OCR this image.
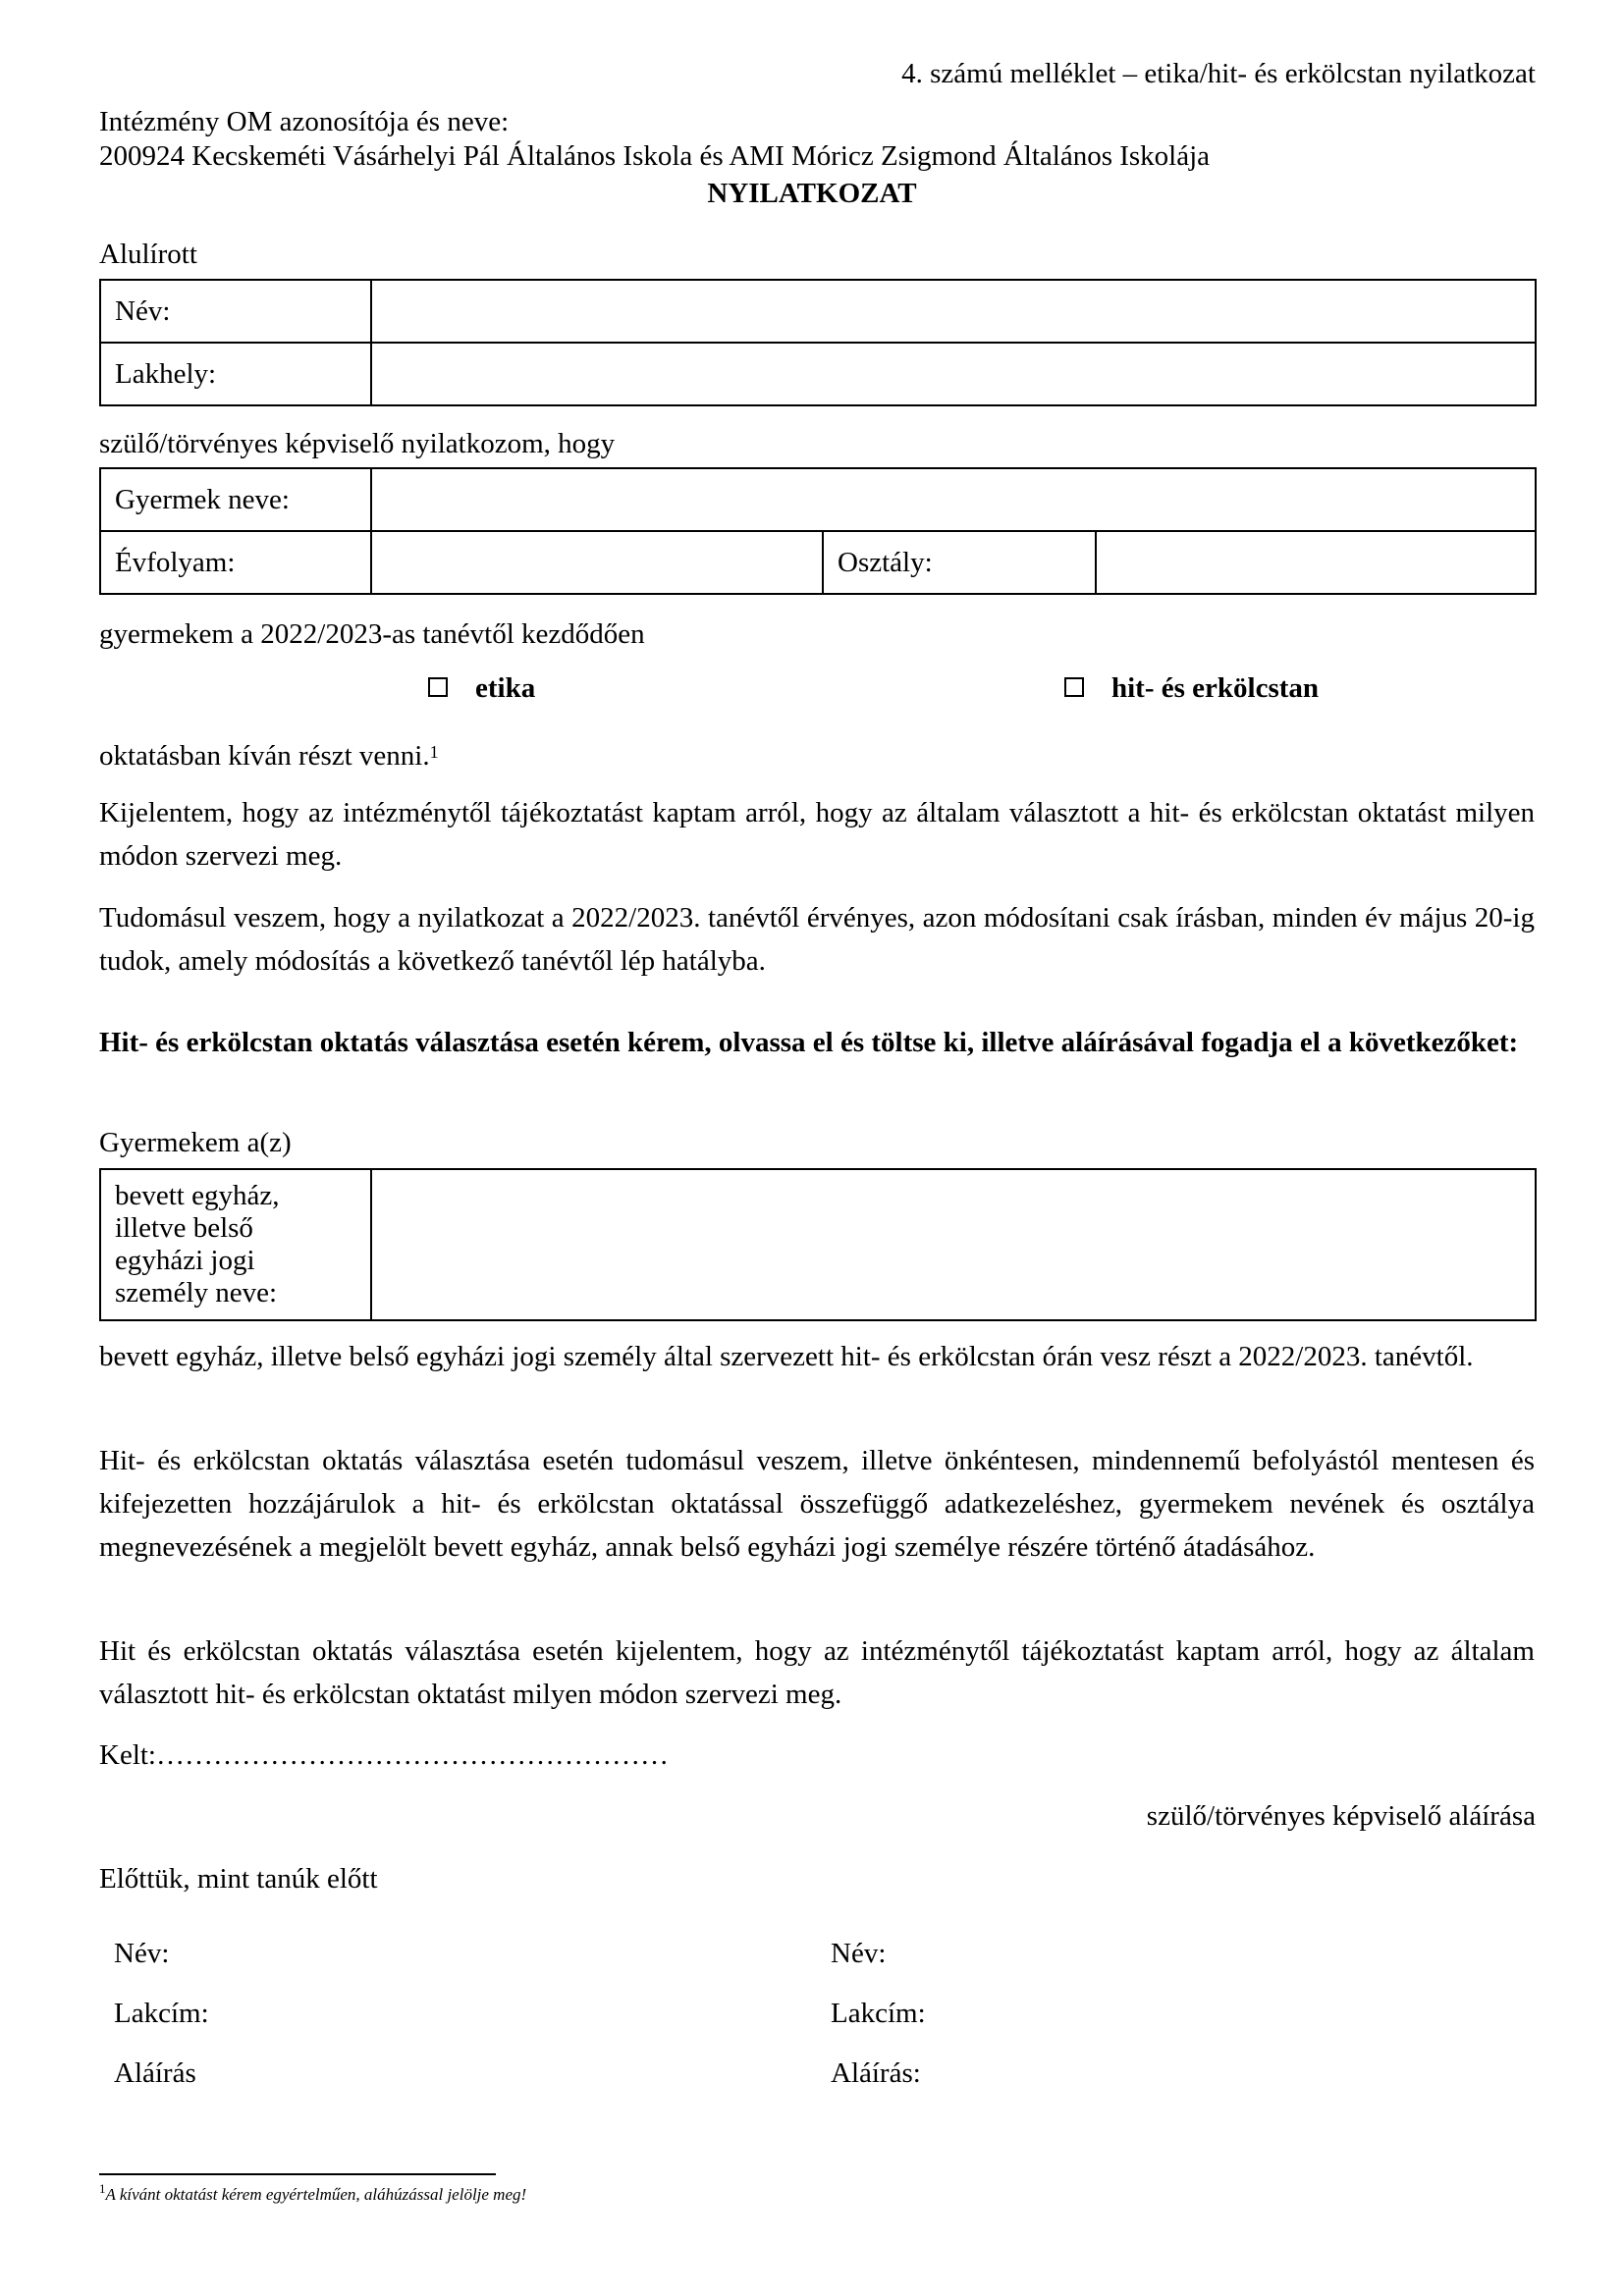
4. számú melléklet – etika/hit- és erkölcstan nyilatkozat
Intézmény OM azonosítója és neve:
200924 Kecskeméti Vásárhelyi Pál Általános Iskola és AMI Móricz Zsigmond Általános Iskolája
NYILATKOZAT
Alulírott
Név:	
Lakhely:	
szülő/törvényes képviselő nyilatkozom, hogy
Gyermek neve:			
Évfolyam:		Osztály:	
gyermekem a 2022/2023-as tanévtől kezdődően
etika	hit- és erkölcstan
oktatásban kíván részt venni.$^1$
Kijelentem, hogy az intézménytől tájékoztatást kaptam arról, hogy az általam választott a hit- és erkölcstan oktatást milyen módon szervezi meg.
Tudomásul veszem, hogy a nyilatkozat a 2022/2023. tanévtől érvényes, azon módosítani csak írásban, minden év május 20-ig tudok, amely módosítás a következő tanévtől lép hatályba.
Hit- és erkölcstan oktatás választása esetén kérem, olvassa el és töltse ki, illetve aláírásával fogadja el a következőket:
Gyermekem a(z)
bevett egyház,
illetve belső
egyházi jogi
személy neve:

bevett egyház, illetve belső egyházi jogi személy által szervezett hit- és erkölcstan órán vesz részt a 2022/2023. tanévtől.
Hit- és erkölcstan oktatás választása esetén tudomásul veszem, illetve önkéntesen, mindennemű befolyástól mentesen és kifejezetten hozzájárulok a hit- és erkölcstan oktatással összefüggő adatkezeléshez, gyermekem nevének és osztálya megnevezésének a megjelölt bevett egyház, annak belső egyházi jogi személye részére történő átadásához.
Hit és erkölcstan oktatás választása esetén kijelentem, hogy az intézménytől tájékoztatást kaptam arról, hogy az általam választott hit- és erkölcstan oktatást milyen módon szervezi meg.
Kelt:………………………………………………
szülő/törvényes képviselő aláírása
Előttük, mint tanúk előtt
Név:
Lakcím:
Aláírás
Név:
Lakcím:
Aláírás:
$^1$A kívánt oktatást kérem egyértelműen, aláhúzással jelölje meg!
